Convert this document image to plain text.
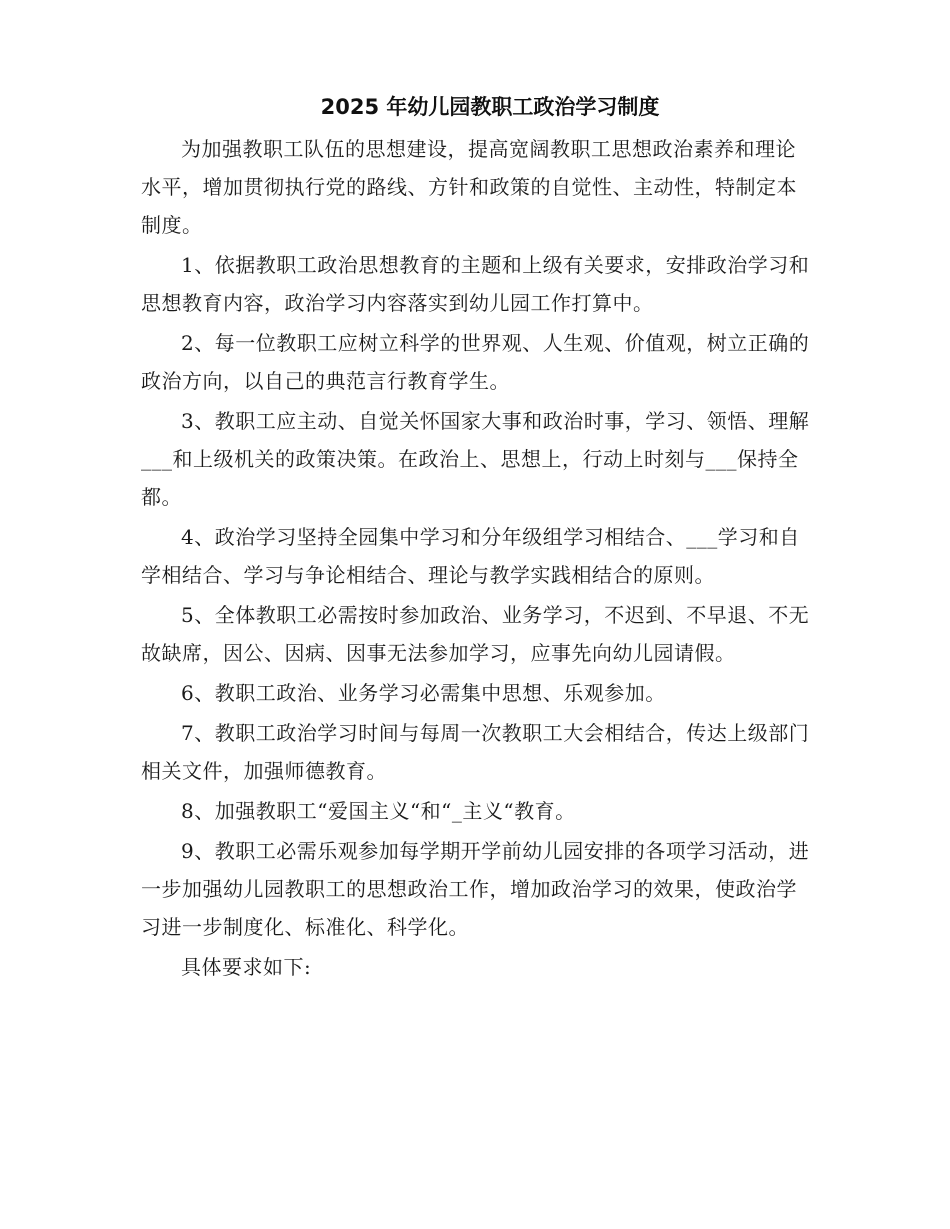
2025 年幼儿园教职工政治学习制度

为加强教职工队伍的思想建设，提高宽阔教职工思想政治素养和理论水平，增加贯彻执行党的路线、方针和政策的自觉性、主动性，特制定本制度。

1、依据教职工政治思想教育的主题和上级有关要求，安排政治学习和思想教育内容，政治学习内容落实到幼儿园工作打算中。

2、每一位教职工应树立科学的世界观、人生观、价值观，树立正确的政治方向，以自己的典范言行教育学生。

3、教职工应主动、自觉关怀国家大事和政治时事，学习、领悟、理解___和上级机关的政策决策。在政治上、思想上，行动上时刻与___保持全都。

4、政治学习坚持全园集中学习和分年级组学习相结合、___学习和自学相结合、学习与争论相结合、理论与教学实践相结合的原则。

5、全体教职工必需按时参加政治、业务学习，不迟到、不早退、不无故缺席，因公、因病、因事无法参加学习，应事先向幼儿园请假。

6、教职工政治、业务学习必需集中思想、乐观参加。

7、教职工政治学习时间与每周一次教职工大会相结合，传达上级部门相关文件，加强师德教育。

8、加强教职工“爱国主义“和“_主义“教育。

9、教职工必需乐观参加每学期开学前幼儿园安排的各项学习活动，进一步加强幼儿园教职工的思想政治工作，增加政治学习的效果，使政治学习进一步制度化、标准化、科学化。

具体要求如下:
